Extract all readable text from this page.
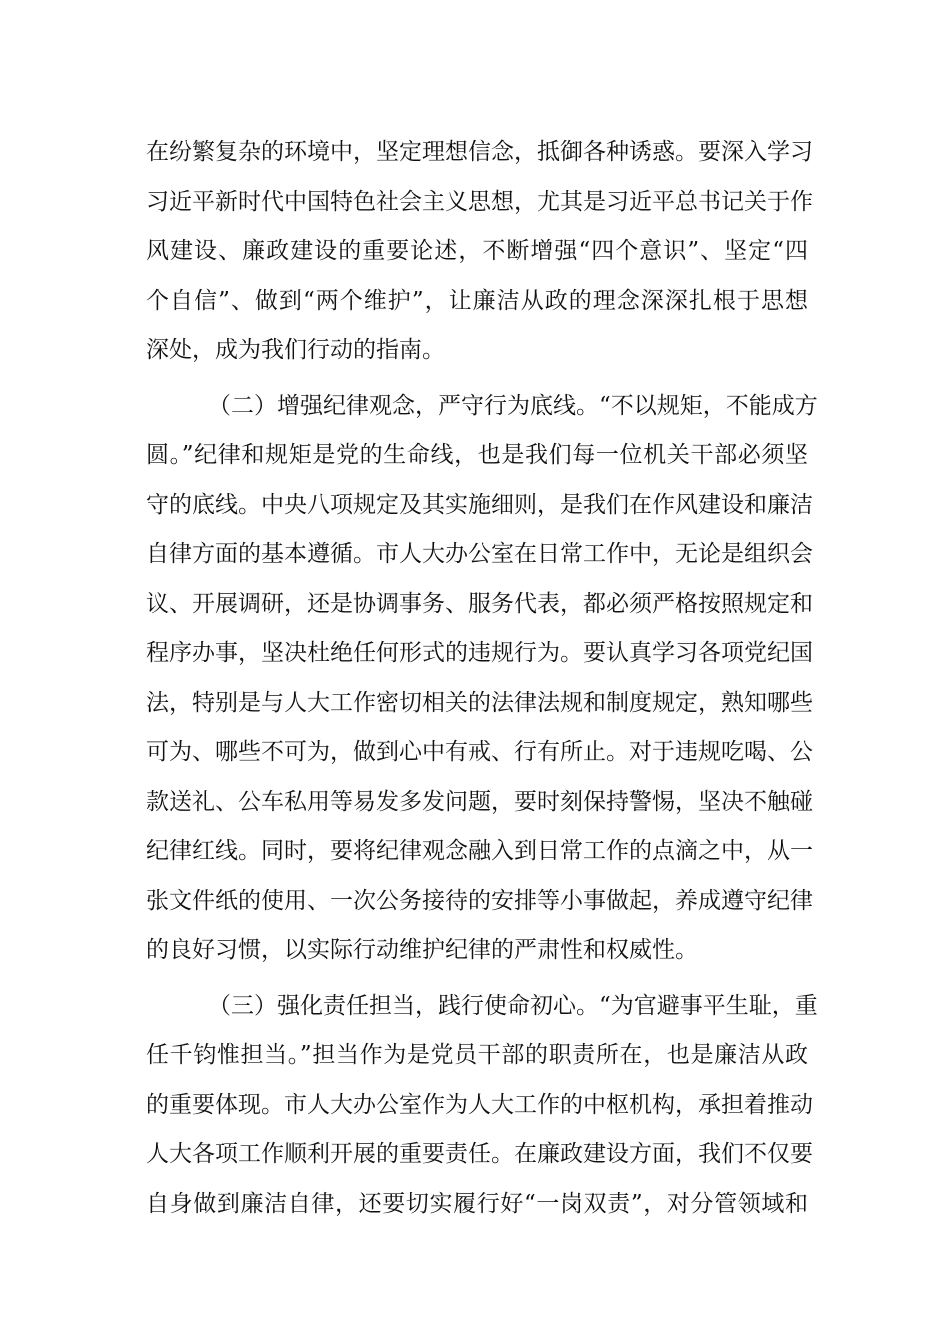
在纷繁复杂的环境中，坚定理想信念，抵御各种诱惑。要深入学习
习近平新时代中国特色社会主义思想，尤其是习近平总书记关于作
风建设、廉政建设的重要论述，不断增强“四个意识”、坚定“四
个自信”、做到“两个维护”，让廉洁从政的理念深深扎根于思想
深处，成为我们行动的指南。
（二）增强纪律观念，严守行为底线。“不以规矩，不能成方
圆。”纪律和规矩是党的生命线，也是我们每一位机关干部必须坚
守的底线。中央八项规定及其实施细则，是我们在作风建设和廉洁
自律方面的基本遵循。市人大办公室在日常工作中，无论是组织会
议、开展调研，还是协调事务、服务代表，都必须严格按照规定和
程序办事，坚决杜绝任何形式的违规行为。要认真学习各项党纪国
法，特别是与人大工作密切相关的法律法规和制度规定，熟知哪些
可为、哪些不可为，做到心中有戒、行有所止。对于违规吃喝、公
款送礼、公车私用等易发多发问题，要时刻保持警惕，坚决不触碰
纪律红线。同时，要将纪律观念融入到日常工作的点滴之中，从一
张文件纸的使用、一次公务接待的安排等小事做起，养成遵守纪律
的良好习惯，以实际行动维护纪律的严肃性和权威性。
（三）强化责任担当，践行使命初心。“为官避事平生耻，重
任千钧惟担当。”担当作为是党员干部的职责所在，也是廉洁从政
的重要体现。市人大办公室作为人大工作的中枢机构，承担着推动
人大各项工作顺利开展的重要责任。在廉政建设方面，我们不仅要
自身做到廉洁自律，还要切实履行好“一岗双责”，对分管领域和
